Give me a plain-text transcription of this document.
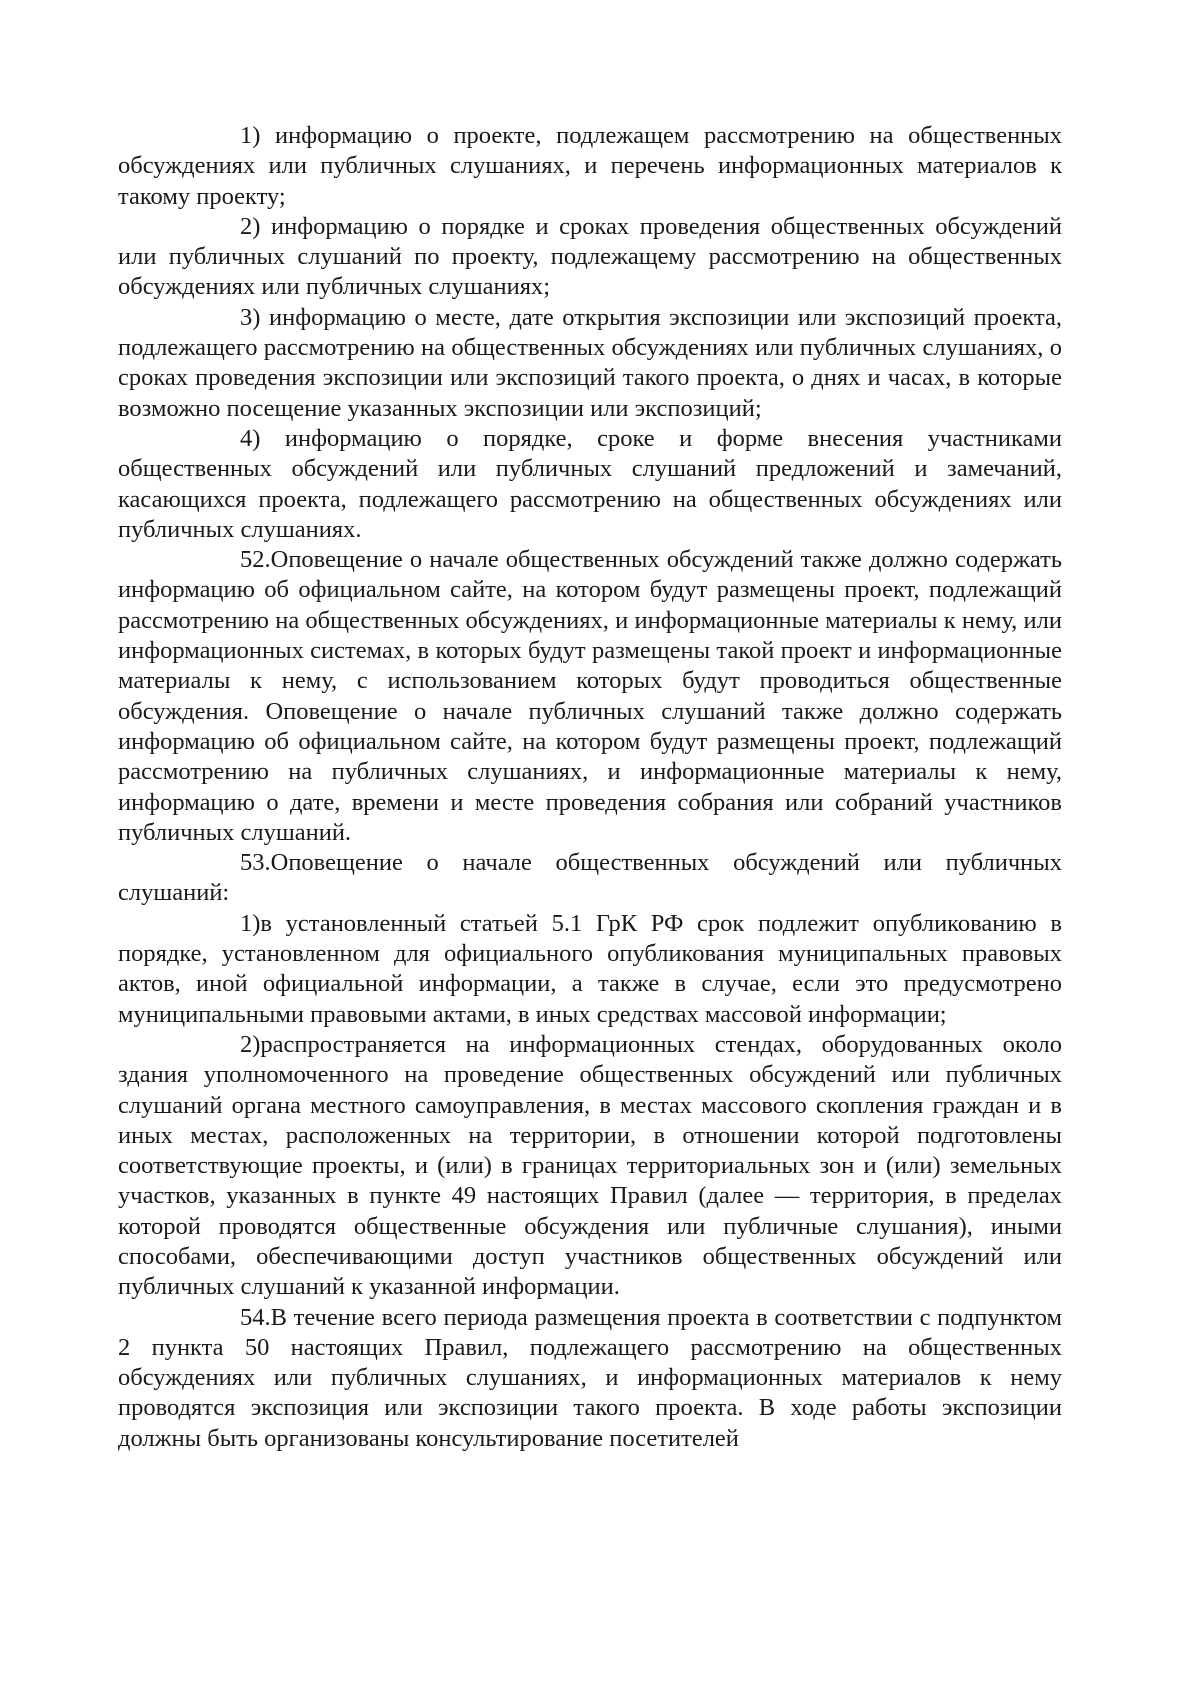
1) информацию о проекте, подлежащем рассмотрению на общественных обсуждениях или публичных слушаниях, и перечень информационных материалов к такому проекту;

2) информацию о порядке и сроках проведения общественных обсуждений или публичных слушаний по проекту, подлежащему рассмотрению на общественных обсуждениях или публичных слушаниях;

3) информацию о месте, дате открытия экспозиции или экспозиций проекта, подлежащего рассмотрению на общественных обсуждениях или публичных слушаниях, о сроках проведения экспозиции или экспозиций такого проекта, о днях и часах, в которые возможно посещение указанных экспозиции или экспозиций;

4) информацию о порядке, сроке и форме внесения участниками общественных обсуждений или публичных слушаний предложений и замечаний, касающихся проекта, подлежащего рассмотрению на общественных обсуждениях или публичных слушаниях.

52.Оповещение о начале общественных обсуждений также должно содержать информацию об официальном сайте, на котором будут размещены проект, подлежащий рассмотрению на общественных обсуждениях, и информационные материалы к нему, или информационных системах, в которых будут размещены такой проект и информационные материалы к нему, с использованием которых будут проводиться общественные обсуждения. Оповещение о начале публичных слушаний также должно содержать информацию об официальном сайте, на котором будут размещены проект, подлежащий рассмотрению на публичных слушаниях, и информационные материалы к нему, информацию о дате, времени и месте проведения собрания или собраний участников публичных слушаний.

53.Оповещение о начале общественных обсуждений или публичных слушаний:

1)в установленный статьей 5.1 ГрК РФ срок подлежит опубликованию в порядке, установленном для официального опубликования муниципальных правовых актов, иной официальной информации, а также в случае, если это предусмотрено муниципальными правовыми актами, в иных средствах массовой информации;

2)распространяется на информационных стендах, оборудованных около здания уполномоченного на проведение общественных обсуждений или публичных слушаний органа местного самоуправления, в местах массового скопления граждан и в иных местах, расположенных на территории, в отношении которой подготовлены соответствующие проекты, и (или) в границах территориальных зон и (или) земельных участков, указанных в пункте 49 настоящих Правил (далее — территория, в пределах которой проводятся общественные обсуждения или публичные слушания), иными способами, обеспечивающими доступ участников общественных обсуждений или публичных слушаний к указанной информации.

54.В течение всего периода размещения проекта в соответствии с подпунктом 2 пункта 50 настоящих Правил, подлежащего рассмотрению на общественных обсуждениях или публичных слушаниях, и информационных материалов к нему проводятся экспозиция или экспозиции такого проекта. В ходе работы экспозиции должны быть организованы консультирование посетителей
